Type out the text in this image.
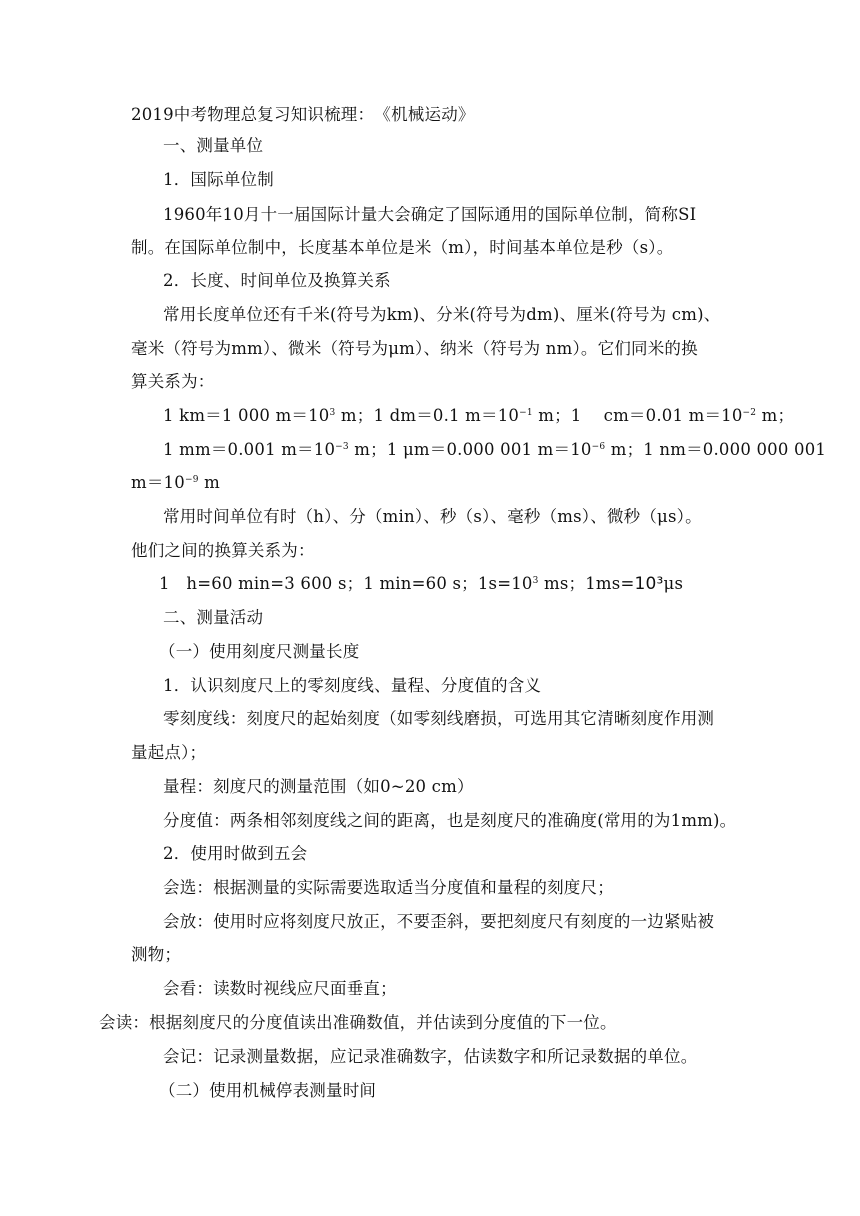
2019中考物理总复习知识梳理：　《机械运动》
一、测量单位
1．国际单位制
1960年10月十一届国际计量大会确定了国际通用的国际单位制，简称SI
制。在国际单位制中，长度基本单位是米（m），时间基本单位是秒（s）。
2．长度、时间单位及换算关系
常用长度单位还有千米(符号为km)、分米(符号为dm)、厘米(符号为 cm)、
毫米（符号为mm）、微米（符号为μm）、纳米（符号为 nm）。它们同米的换
算关系为：
1 km＝1 000 $m=10^3$ m；1 dm＝0.1 $m=10^{-1}$ m；1　 cm＝0.01 $m=10^{-2}$ m；
1 mm＝0.001 $m=10^{-3}$ m；1 μm＝0.000 001 $m=10^{-6}$ m；1 nm＝0.000 000 001
$m=10^{-9}$ m
常用时间单位有时（h）、分（min）、秒（s）、毫秒（ms）、微秒（μs）。
他们之间的换算关系为：
1　h=60 min=3 600 s；1 min=60 s；$1s=10^3$ ms；1ms=10³μs
二、测量活动
（一）使用刻度尺测量长度
1．认识刻度尺上的零刻度线、量程、分度值的含义
零刻度线：刻度尺的起始刻度（如零刻线磨损，可选用其它清晰刻度作用测
量起点）；
量程：刻度尺的测量范围（如0~20 cm）
分度值：两条相邻刻度线之间的距离，也是刻度尺的准确度(常用的为1mm)。
2．使用时做到五会
会选：根据测量的实际需要选取适当分度值和量程的刻度尺；
会放：使用时应将刻度尺放正，不要歪斜，要把刻度尺有刻度的一边紧贴被
测物；
会看：读数时视线应尺面垂直；
会读：根据刻度尺的分度值读出准确数值，并估读到分度值的下一位。
会记：记录测量数据，应记录准确数字，估读数字和所记录数据的单位。
（二）使用机械停表测量时间
